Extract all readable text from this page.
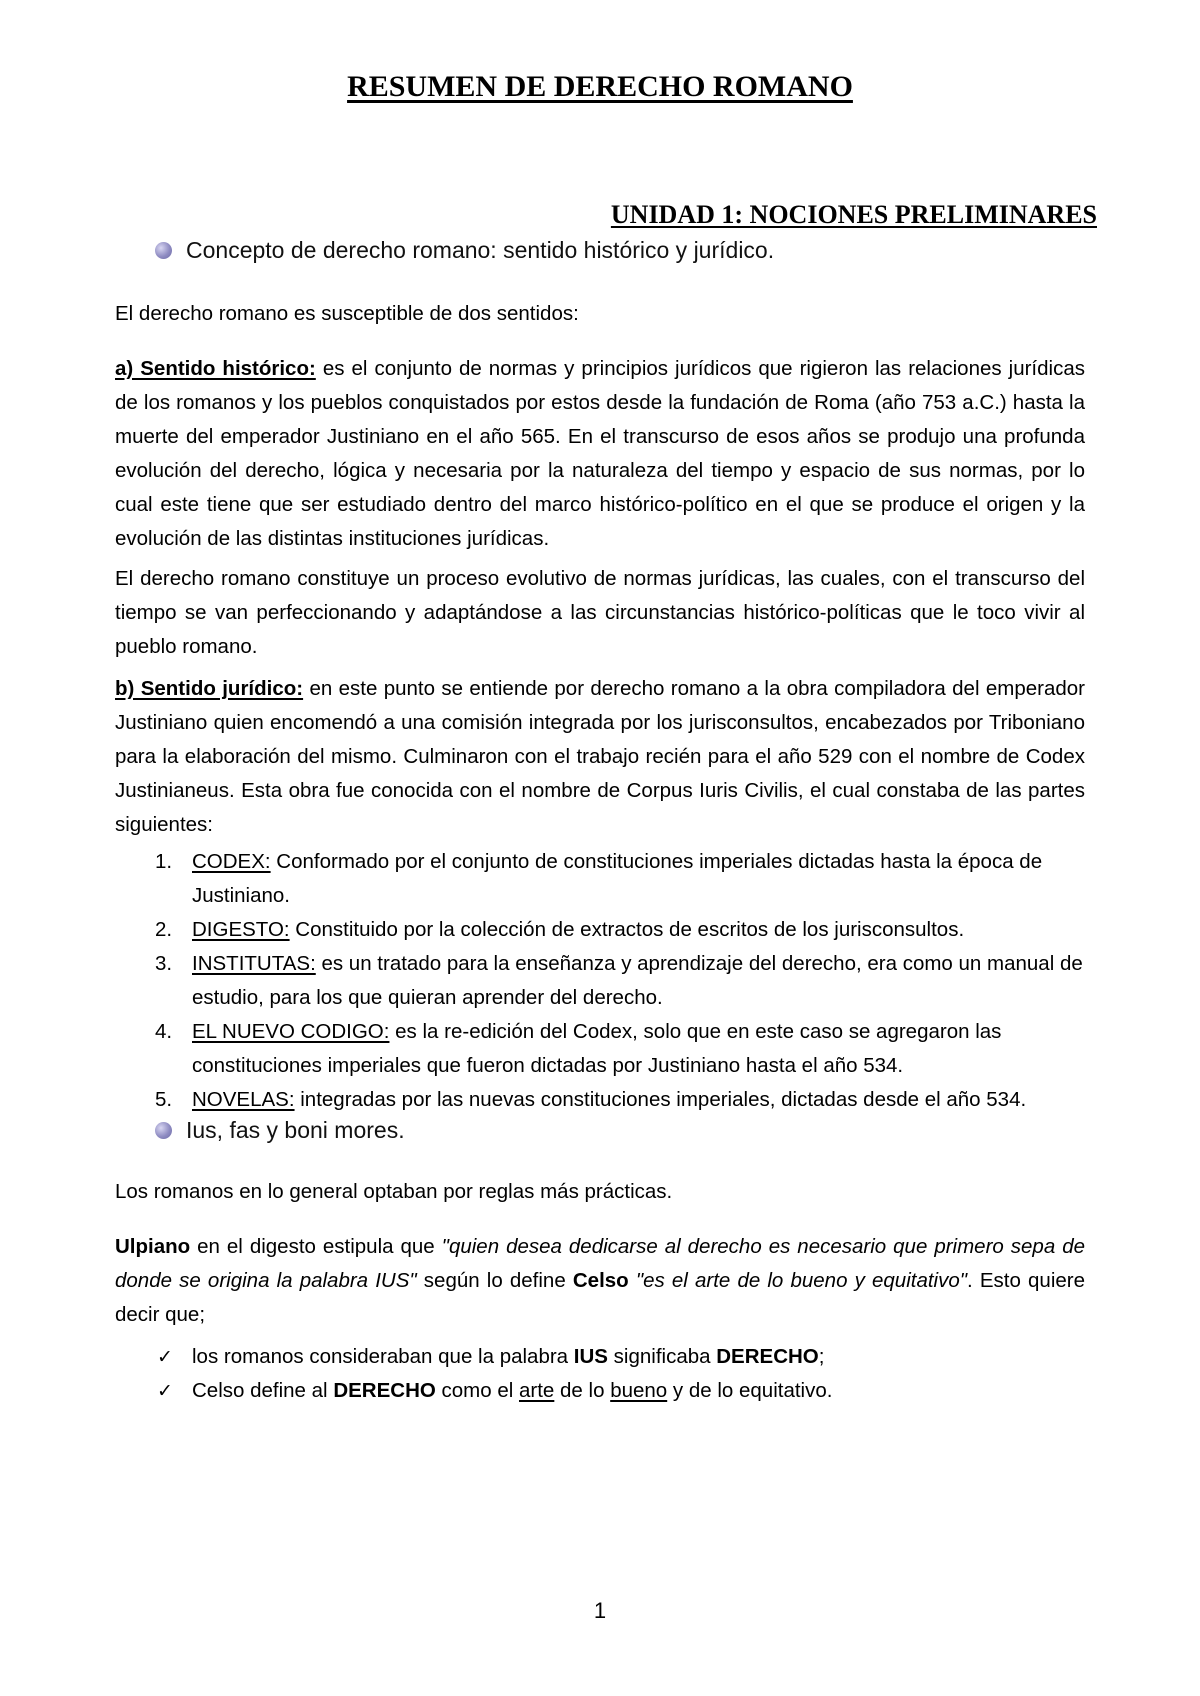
RESUMEN DE DERECHO ROMANO
UNIDAD 1: NOCIONES PRELIMINARES
Concepto de derecho romano: sentido histórico y jurídico.
El derecho romano es susceptible de dos sentidos:
a) Sentido histórico: es el conjunto de normas y principios jurídicos que rigieron las relaciones jurídicas de los romanos y los pueblos conquistados por estos desde la fundación de Roma (año 753 a.C.) hasta la muerte del emperador Justiniano en el año 565. En el transcurso de esos años se produjo una profunda evolución del derecho, lógica y necesaria por la naturaleza del tiempo y espacio de sus normas, por lo cual este tiene que ser estudiado dentro del marco histórico-político en el que se produce el origen y la evolución de las distintas instituciones jurídicas.
El derecho romano constituye un proceso evolutivo de normas jurídicas, las cuales, con el transcurso del tiempo se van perfeccionando y adaptándose a las circunstancias histórico-políticas que le toco vivir al pueblo romano.
b) Sentido jurídico: en este punto se entiende por derecho romano a la obra compiladora del emperador Justiniano quien encomendó a una comisión integrada por los jurisconsultos, encabezados por Triboniano para la elaboración del mismo. Culminaron con el trabajo recién para el año 529 con el nombre de Codex Justinianeus. Esta obra fue conocida con el nombre de Corpus Iuris Civilis, el cual constaba de las partes siguientes:
1. CODEX: Conformado por el conjunto de constituciones imperiales dictadas hasta la época de Justiniano.
2. DIGESTO: Constituido por la colección de extractos de escritos de los jurisconsultos.
3. INSTITUTAS: es un tratado para la enseñanza y aprendizaje del derecho, era como un manual de estudio, para los que quieran aprender del derecho.
4. EL NUEVO CODIGO: es la re-edición del Codex, solo que en este caso se agregaron las constituciones imperiales que fueron dictadas por Justiniano hasta el año 534.
5. NOVELAS: integradas por las nuevas constituciones imperiales, dictadas desde el año 534.
Ius, fas y boni mores.
Los romanos en lo general optaban por reglas más prácticas.
Ulpiano en el digesto estipula que "quien desea dedicarse al derecho es necesario que primero sepa de donde se origina la palabra IUS" según lo define Celso "es el arte de lo bueno y equitativo". Esto quiere decir que;
✓ los romanos consideraban que la palabra IUS significaba DERECHO;
✓ Celso define al DERECHO como el arte de lo bueno y de lo equitativo.
1
